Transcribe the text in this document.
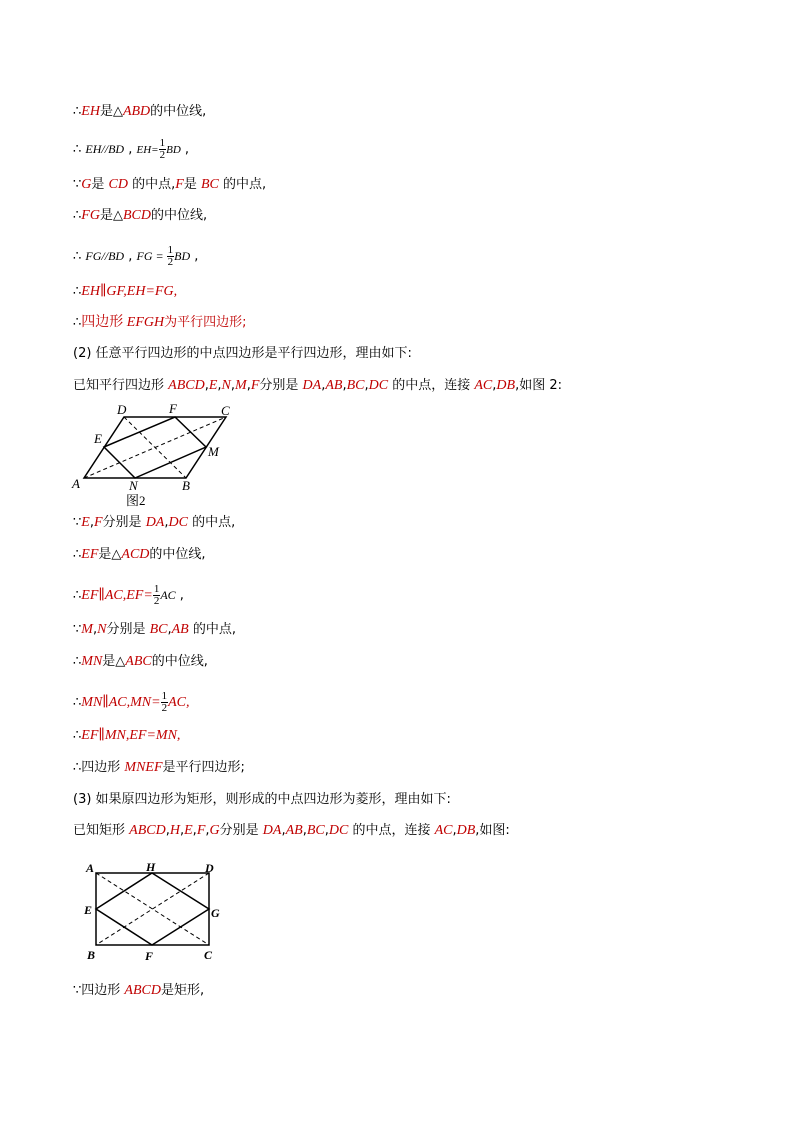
∴EH是△ABD的中位线,
∴ EH//BD , $EH= \frac{1}{2}$ BD ,
∵G是 CD 的中点,F是 BC 的中点,
∴FG是△BCD的中位线,
∴ FG//BD , FG = $\frac{1}{2}$ BD ,
∴EH∥GF,EH=FG,
∴四边形 EFGH为平行四边形;
(2) 任意平行四边形的中点四边形是平行四边形，理由如下:
已知平行四边形 ABCD,E,N,M,F分别是 DA,AB,BC,DC 的中点，连接 AC,DB,如图 2:
A	B
C
D
E
F
M
N
图2
∵E,F分别是 DA,DC 的中点,
∴EF是△ACD的中位线,
∴EF∥AC,EF= $\frac{1}{2}$ AC ,
∵M,N分别是 BC,AB 的中点,
∴MN是△ABC的中位线,
∴MN∥AC,MN= $\frac{1}{2}$ AC,
∴EF∥MN,EF=MN,
∴四边形 MNEF是平行四边形;
(3) 如果原四边形为矩形，则形成的中点四边形为菱形，理由如下:
已知矩形 ABCD,H,E,F,G分别是 DA,AB,BC,DC 的中点，连接 AC,DB,如图:
A	H	D
E	G
B	F	C
∵四边形 ABCD是矩形,
